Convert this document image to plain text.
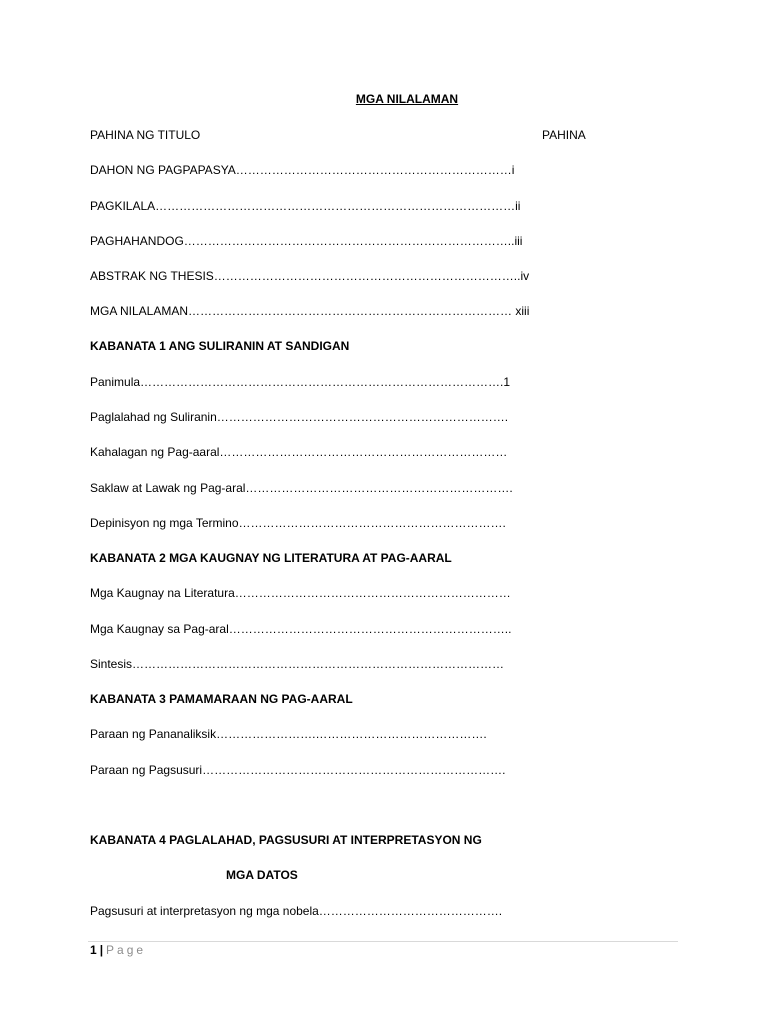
MGA NILALAMAN
PAHINA NG TITULO	PAHINA
DAHON NG PAGPAPASYA……………………………………………………………i
PAGKILALA………………………………………………………………………………ii
PAGHAHANDOG………………………………………………………………………..iii
ABSTRAK NG THESIS…………………………………………………………………..iv
MGA NILALAMAN……………………………………………………………………… xiii
KABANATA 1 ANG SULIRANIN AT SANDIGAN
Panimula……………………………………………………………………………….1
Paglalahad ng Suliranin……………………………………………………………….
Kahalagan ng Pag-aaral………………………………………………………………
Saklaw at Lawak ng Pag-aral………………………………………………………….
Depinisyon ng mga Termino………………………………………………………….
KABANATA 2 MGA KAUGNAY NG LITERATURA AT PAG-AARAL
Mga Kaugnay na Literatura……………………………………………………………
Mga Kaugnay sa Pag-aral……………………………………………………………..
Sintesis…………………………………………………………………………………
KABANATA 3 PAMAMARAAN NG PAG-AARAL
Paraan ng Pananaliksik…………………….…………………………………….
Paraan ng Pagsusuri………………………………………………………………….
KABANATA 4 PAGLALAHAD, PAGSUSURI AT INTERPRETASYON NG
MGA DATOS
Pagsusuri at interpretasyon ng mga nobela……………………………………….
1 | Page
